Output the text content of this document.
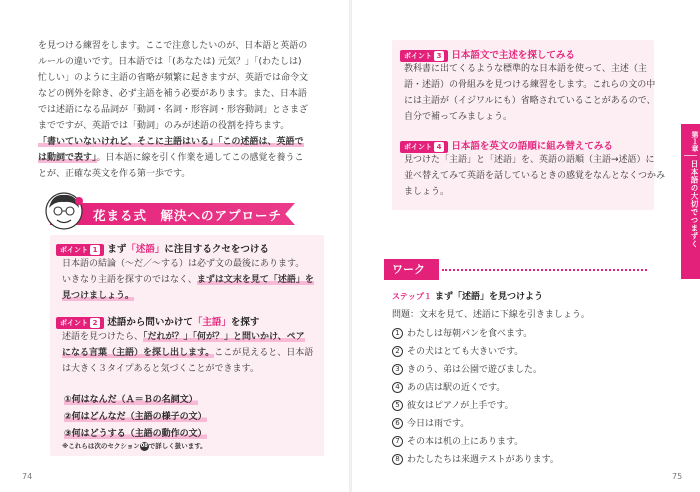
を見つける練習をします。ここで注意したいのが、日本語と英語の
ルールの違いです。日本語では「(あなたは) 元気？」「(わたしは)
忙しい」のように主語の省略が頻繁に起きますが、英語では命令文
などの例外を除き、必ず主語を補う必要があります。また、日本語
では述語になる品詞が「動詞・名詞・形容詞・形容動詞」とさまざ
までですが、英語では「動詞」のみが述語の役割を持ちます。
「書いていないけれど、そこに主語はいる」「この述語は、英語で
は動詞で表す」。日本語に線を引く作業を通してこの感覚を養うこ
とが、正確な英文を作る第一歩です。
花まる式　解決へのアプローチ
ポイント 1 まず「述語」に注目するクセをつける
日本語の結論（～だ／～する）は必ず文の最後にあります。
いきなり主語を探すのではなく、まずは文末を見て「述語」を
見つけましょう。
ポイント 2 述語から問いかけて「主語」を探す
述語を見つけたら、「だれが？」「何が？」と問いかけ、ペア
になる言葉（主語）を探し出します。ここが見えると、日本語
は大きく３タイプあると気づくことができます。
①何はなんだ（Ａ＝Ｂの名詞文）
②何はどんなだ（主語の様子の文）
③何はどうする（主語の動作の文）
※これらは次のセクション08で詳しく扱います。
74
ポイント 3 日本語文で主述を探してみる
教科書に出てくるような標準的な日本語を使って、主述（主
語・述語）の骨組みを見つける練習をします。これらの文の中
には主語が（イジワルにも）省略されていることがあるので、
自分で補ってみましょう。
ポイント 4 日本語を英文の語順に組み替えてみる
見つけた「主語」と「述語」を、英語の語順（主語→述語）に
並べ替えてみて英語を話しているときの感覚をなんとなくつかみ
ましょう。
第１章
日本語の大切でつまずく
ワーク
ステップ１ まず「述語」を見つけよう
問題：文末を見て、述語に下線を引きましょう。
1 わたしは毎朝パンを食べます。
2 その犬はとても大きいです。
3 きのう、弟は公園で遊びました。
4 あの店は駅の近くです。
5 彼女はピアノが上手です。
6 今日は雨です。
7 その本は机の上にあります。
8 わたしたちは来週テストがあります。
75
